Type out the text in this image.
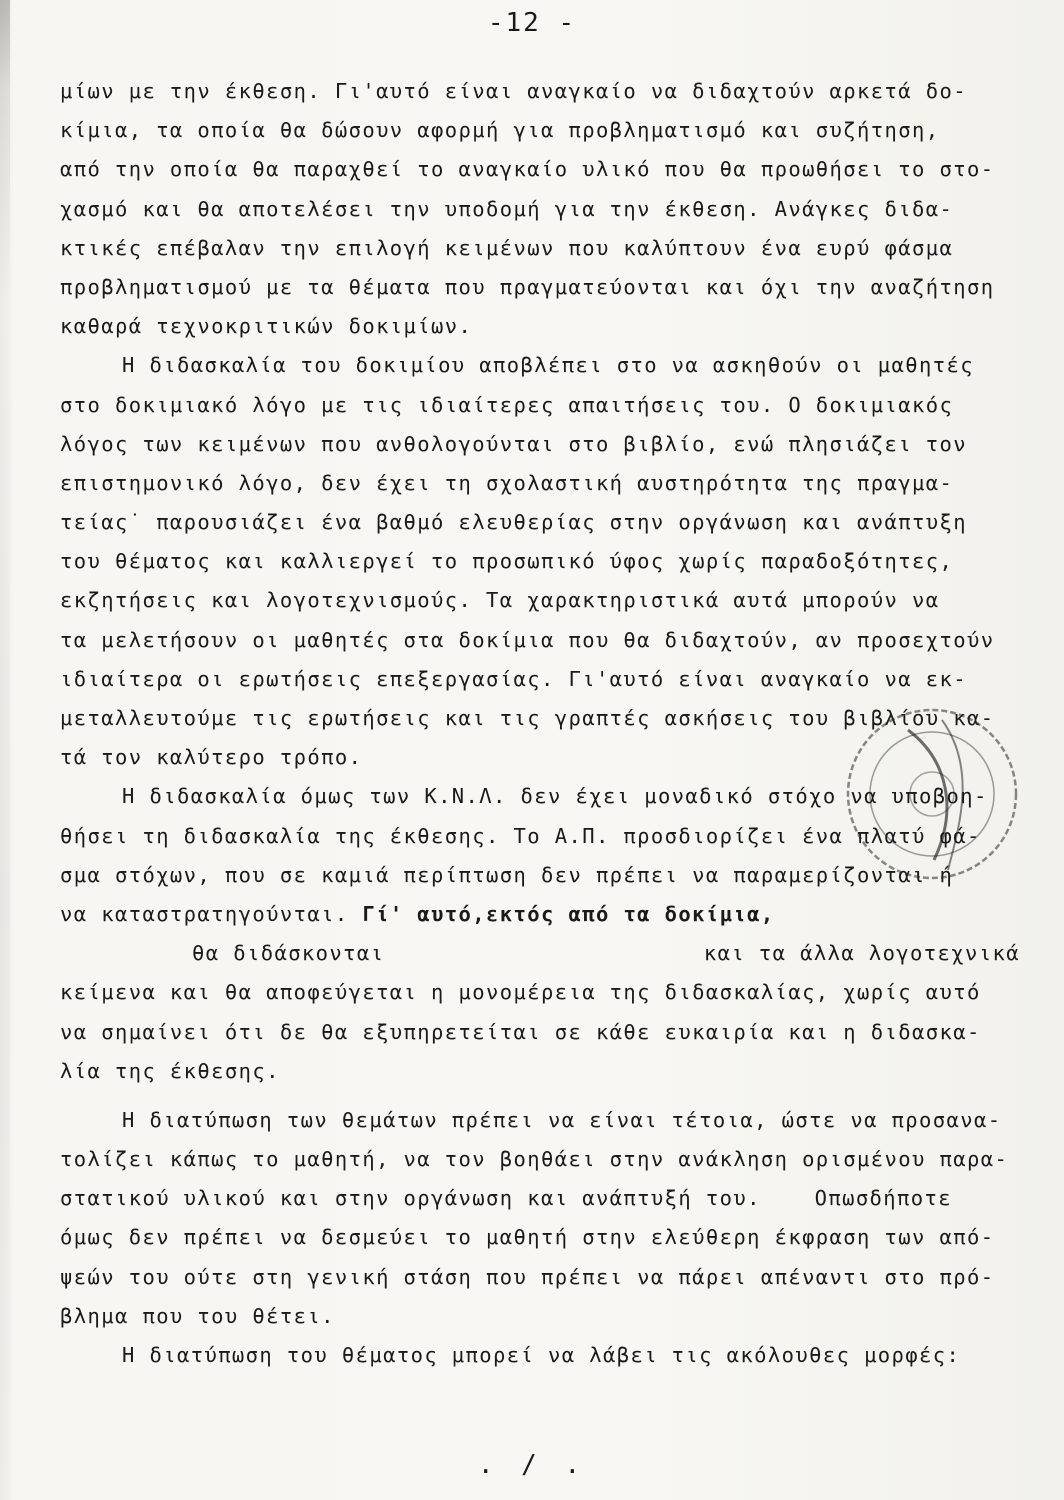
-12 -
μίων με την έκθεση. Γι'αυτό είναι αναγκαίο να διδαχτούν αρκετά δο-
κίμια, τα οποία θα δώσουν αφορμή για προβληματισμό και συζήτηση,
από την οποία θα παραχθεί το αναγκαίο υλικό που θα προωθήσει το στο-
χασμό και θα αποτελέσει την υποδομή για την έκθεση. Ανάγκες διδα-
κτικές επέβαλαν την επιλογή κειμένων που καλύπτουν ένα ευρύ φάσμα
προβληματισμού με τα θέματα που πραγματεύονται και όχι την αναζήτηση
καθαρά τεχνοκριτικών δοκιμίων.
Η διδασκαλία του δοκιμίου αποβλέπει στο να ασκηθούν οι μαθητές
στο δοκιμιακό λόγο με τις ιδιαίτερες απαιτήσεις του. Ο δοκιμιακός
λόγος των κειμένων που ανθολογούνται στο βιβλίο, ενώ πλησιάζει τον
επιστημονικό λόγο, δεν έχει τη σχολαστική αυστηρότητα της πραγμα-
τείας˙ παρουσιάζει ένα βαθμό ελευθερίας στην οργάνωση και ανάπτυξη
του θέματος και καλλιεργεί το προσωπικό ύφος χωρίς παραδοξότητες,
εκζητήσεις και λογοτεχνισμούς. Τα χαρακτηριστικά αυτά μπορούν να
τα μελετήσουν οι μαθητές στα δοκίμια που θα διδαχτούν, αν προσεχτούν
ιδιαίτερα οι ερωτήσεις επεξεργασίας. Γι'αυτό είναι αναγκαίο να εκ-
μεταλλευτούμε τις ερωτήσεις και τις γραπτές ασκήσεις του βιβλίου κα-
τά τον καλύτερο τρόπο.
Η διδασκαλία όμως των Κ.Ν.Λ. δεν έχει μοναδικό στόχο να υποβοη-
θήσει τη διδασκαλία της έκθεσης. Το Α.Π. προσδιορίζει ένα πλατύ φά-
σμα στόχων, που σε καμιά περίπτωση δεν πρέπει να παραμερίζονται ή
να καταστρατηγούνται. Γί' αυτό,εκτός από τα δοκίμια,
θα διδάσκονται	και τα άλλα λογοτεχνικά
κείμενα και θα αποφεύγεται η μονομέρεια της διδασκαλίας, χωρίς αυτό
να σημαίνει ότι δε θα εξυπηρετείται σε κάθε ευκαιρία και η διδασκα-
λία της έκθεσης.
Η διατύπωση των θεμάτων πρέπει να είναι τέτοια, ώστε να προσανα-
τολίζει κάπως το μαθητή, να τον βοηθάει στην ανάκληση ορισμένου παρα-
στατικού υλικού και στην οργάνωση και ανάπτυξή του.	Οπωσδήποτε
όμως δεν πρέπει να δεσμεύει το μαθητή στην ελεύθερη έκφραση των από-
ψεών του ούτε στη γενική στάση που πρέπει να πάρει απέναντι στο πρό-
βλημα που του θέτει.
Η διατύπωση του θέματος μπορεί να λάβει τις ακόλουθες μορφές:
. / .
